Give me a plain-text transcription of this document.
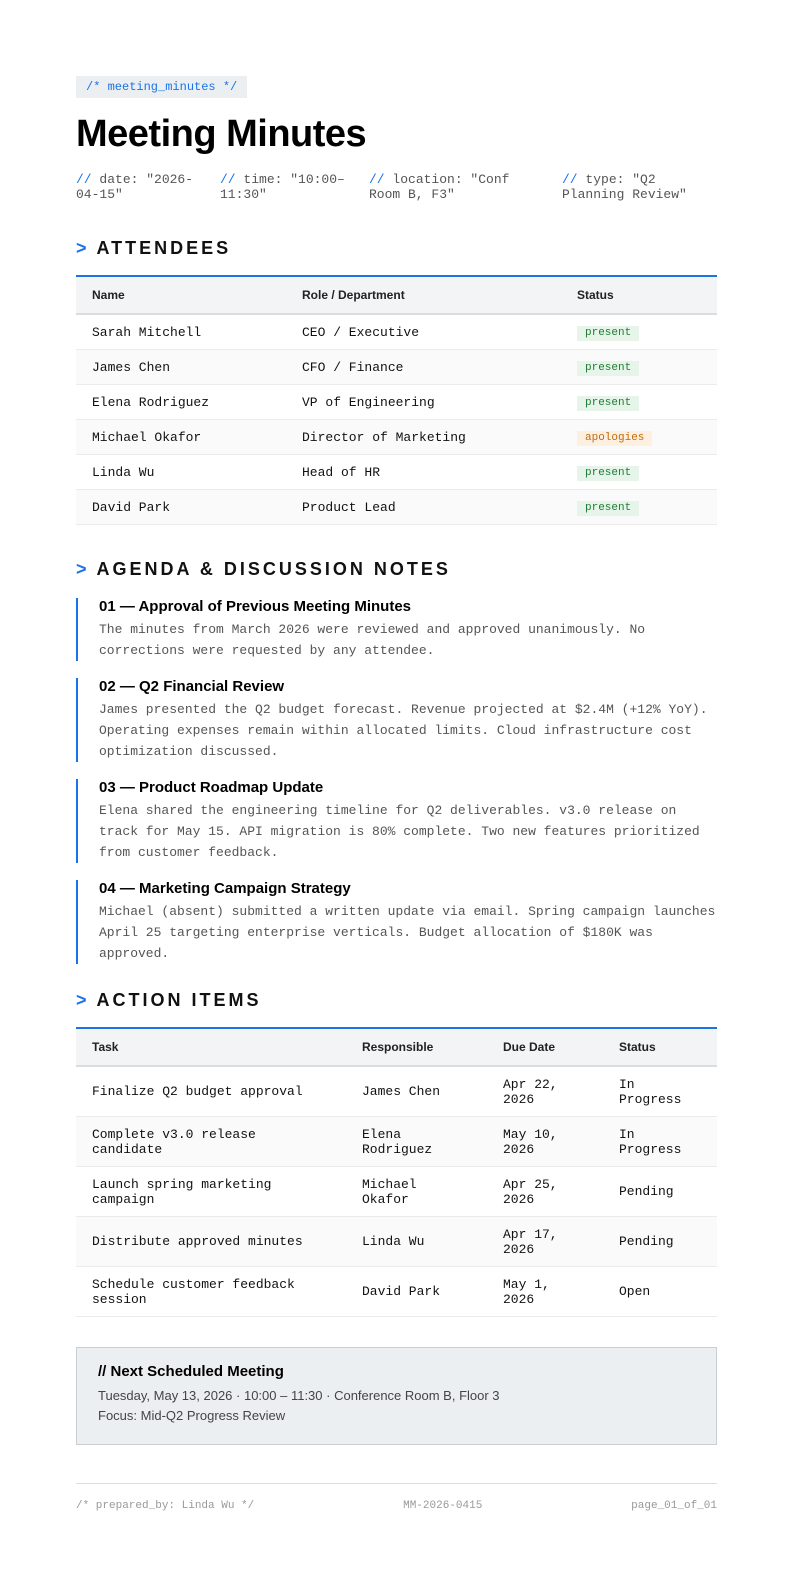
/* meeting_minutes */
Meeting Minutes
// date: "2026-04-15"
// time: "10:00–11:30"
// location: "Conf Room B, F3"
// type: "Q2 Planning Review"
> ATTENDEES
Name	Role / Department	Status
Sarah Mitchell	CEO / Executive	present
James Chen	CFO / Finance	present
Elena Rodriguez	VP of Engineering	present
Michael Okafor	Director of Marketing	apologies
Linda Wu	Head of HR	present
David Park	Product Lead	present
> AGENDA & DISCUSSION NOTES
01 — Approval of Previous Meeting Minutes

The minutes from March 2026 were reviewed and approved unanimously. No corrections were requested by any attendee.

02 — Q2 Financial Review

James presented the Q2 budget forecast. Revenue projected at $2.4M (+12% YoY). Operating expenses remain within allocated limits. Cloud infrastructure cost optimization discussed.

03 — Product Roadmap Update

Elena shared the engineering timeline for Q2 deliverables. v3.0 release on track for May 15. API migration is 80% complete. Two new features prioritized from customer feedback.

04 — Marketing Campaign Strategy

Michael (absent) submitted a written update via email. Spring campaign launches April 25 targeting enterprise verticals. Budget allocation of $180K was approved.

> ACTION ITEMS
Task	Responsible	Due Date	Status
Finalize Q2 budget approval	James Chen	Apr 22, 2026	In Progress
Complete v3.0 release candidate	Elena Rodriguez	May 10, 2026	In Progress
Launch spring marketing campaign	Michael Okafor	Apr 25, 2026	Pending
Distribute approved minutes	Linda Wu	Apr 17, 2026	Pending
Schedule customer feedback session	David Park	May 1, 2026	Open
// Next Scheduled Meeting
Tuesday, May 13, 2026 · 10:00 – 11:30 · Conference Room B, Floor 3
Focus: Mid-Q2 Progress Review
/* prepared_by: Linda Wu */	MM-2026-0415	page_01_of_01
